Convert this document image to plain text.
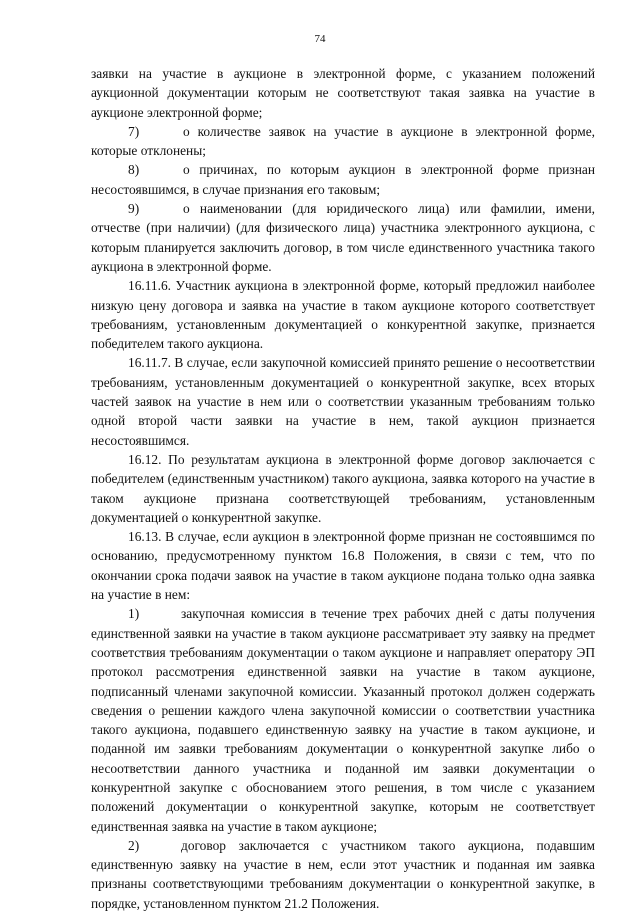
74

заявки на участие в аукционе в электронной форме, с указанием положений аукционной документации которым не соответствуют такая заявка на участие в аукционе электронной форме;

7)	о количестве заявок на участие в аукционе в электронной форме, которые отклонены;

8)	о причинах, по которым аукцион в электронной форме признан несостоявшимся, в случае признания его таковым;

9)	о наименовании (для юридического лица) или фамилии, имени, отчестве (при наличии) (для физического лица) участника электронного аукциона, с которым планируется заключить договор, в том числе единственного участника такого аукциона в электронной форме.

16.11.6. Участник аукциона в электронной форме, который предложил наиболее низкую цену договора и заявка на участие в таком аукционе которого соответствует требованиям, установленным документацией о конкурентной закупке, признается победителем такого аукциона.

16.11.7. В случае, если закупочной комиссией принято решение о несоответствии требованиям, установленным документацией о конкурентной закупке, всех вторых частей заявок на участие в нем или о соответствии указанным требованиям только одной второй части заявки на участие в нем, такой аукцион признается несостоявшимся.

16.12. По результатам аукциона в электронной форме договор заключается с победителем (единственным участником) такого аукциона, заявка которого на участие в таком аукционе признана соответствующей требованиям, установленным документацией о конкурентной закупке.

16.13. В случае, если аукцион в электронной форме признан не состоявшимся по основанию, предусмотренному пунктом 16.8 Положения, в связи с тем, что по окончании срока подачи заявок на участие в таком аукционе подана только одна заявка на участие в нем:

1)	закупочная комиссия в течение трех рабочих дней с даты получения единственной заявки на участие в таком аукционе рассматривает эту заявку на предмет соответствия требованиям документации о таком аукционе и направляет оператору ЭП протокол рассмотрения единственной заявки на участие в таком аукционе, подписанный членами закупочной комиссии. Указанный протокол должен содержать сведения о решении каждого члена закупочной комиссии о соответствии участника такого аукциона, подавшего единственную заявку на участие в таком аукционе, и поданной им заявки требованиям документации о конкурентной закупке либо о несоответствии данного участника и поданной им заявки документации о конкурентной закупке с обоснованием этого решения, в том числе с указанием положений документации о конкурентной закупке, которым не соответствует единственная заявка на участие в таком аукционе;

2)	договор заключается с участником такого аукциона, подавшим единственную заявку на участие в нем, если этот участник и поданная им заявка признаны соответствующими требованиям документации о конкурентной закупке, в порядке, установленном пунктом 21.2 Положения.
